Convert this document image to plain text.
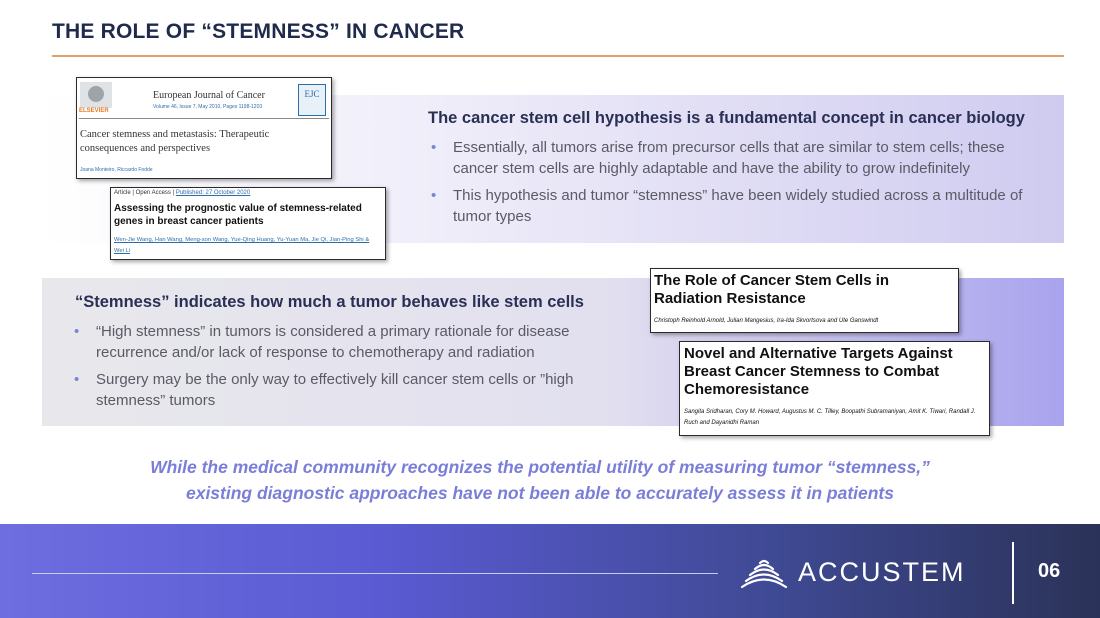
THE ROLE OF “STEMNESS” IN CANCER
The cancer stem cell hypothesis is a fundamental concept in cancer biology
• Essentially, all tumors arise from precursor cells that are similar to stem cells; these cancer stem cells are highly adaptable and have the ability to grow indefinitely
• This hypothesis and tumor “stemness” have been widely studied across a multitude of tumor types
“Stemness” indicates how much a tumor behaves like stem cells
• “High stemness” in tumors is considered a primary rationale for disease recurrence and/or lack of response to chemotherapy and radiation
• Surgery may be the only way to effectively kill cancer stem cells or ”high stemness” tumors
ELSEVIER
European Journal of Cancer
Volume 46, Issue 7, May 2010, Pages 1198-1203
EJC
Cancer stemness and metastasis: Therapeutic consequences and perspectives
Joana Monteiro, Riccardo Fodde
Article | Open Access | Published: 27 October 2020
Assessing the prognostic value of stemness-related genes in breast cancer patients
Wen-Jie Wang, Han Wang, Meng-son Wang, Yue-Qing Huang, Yu-Yuan Ma, Jie Qi, Jian-Ping Shi & Wei Li
The Role of Cancer Stem Cells in Radiation Resistance
Christoph Reinhold Arnold, Julian Mangesius, Ira-Ida Skvortsova and Ute Ganswindt
Novel and Alternative Targets Against Breast Cancer Stemness to Combat Chemoresistance
Sangita Sridharan, Cory M. Howard, Augustus M. C. Tilley, Boopathi Subramaniyan, Amit K. Tiwari, Randall J. Ruch and Dayanidhi Raman
While the medical community recognizes the potential utility of measuring tumor “stemness,”
existing diagnostic approaches have not been able to accurately assess it in patients
ACCUSTEM	06
